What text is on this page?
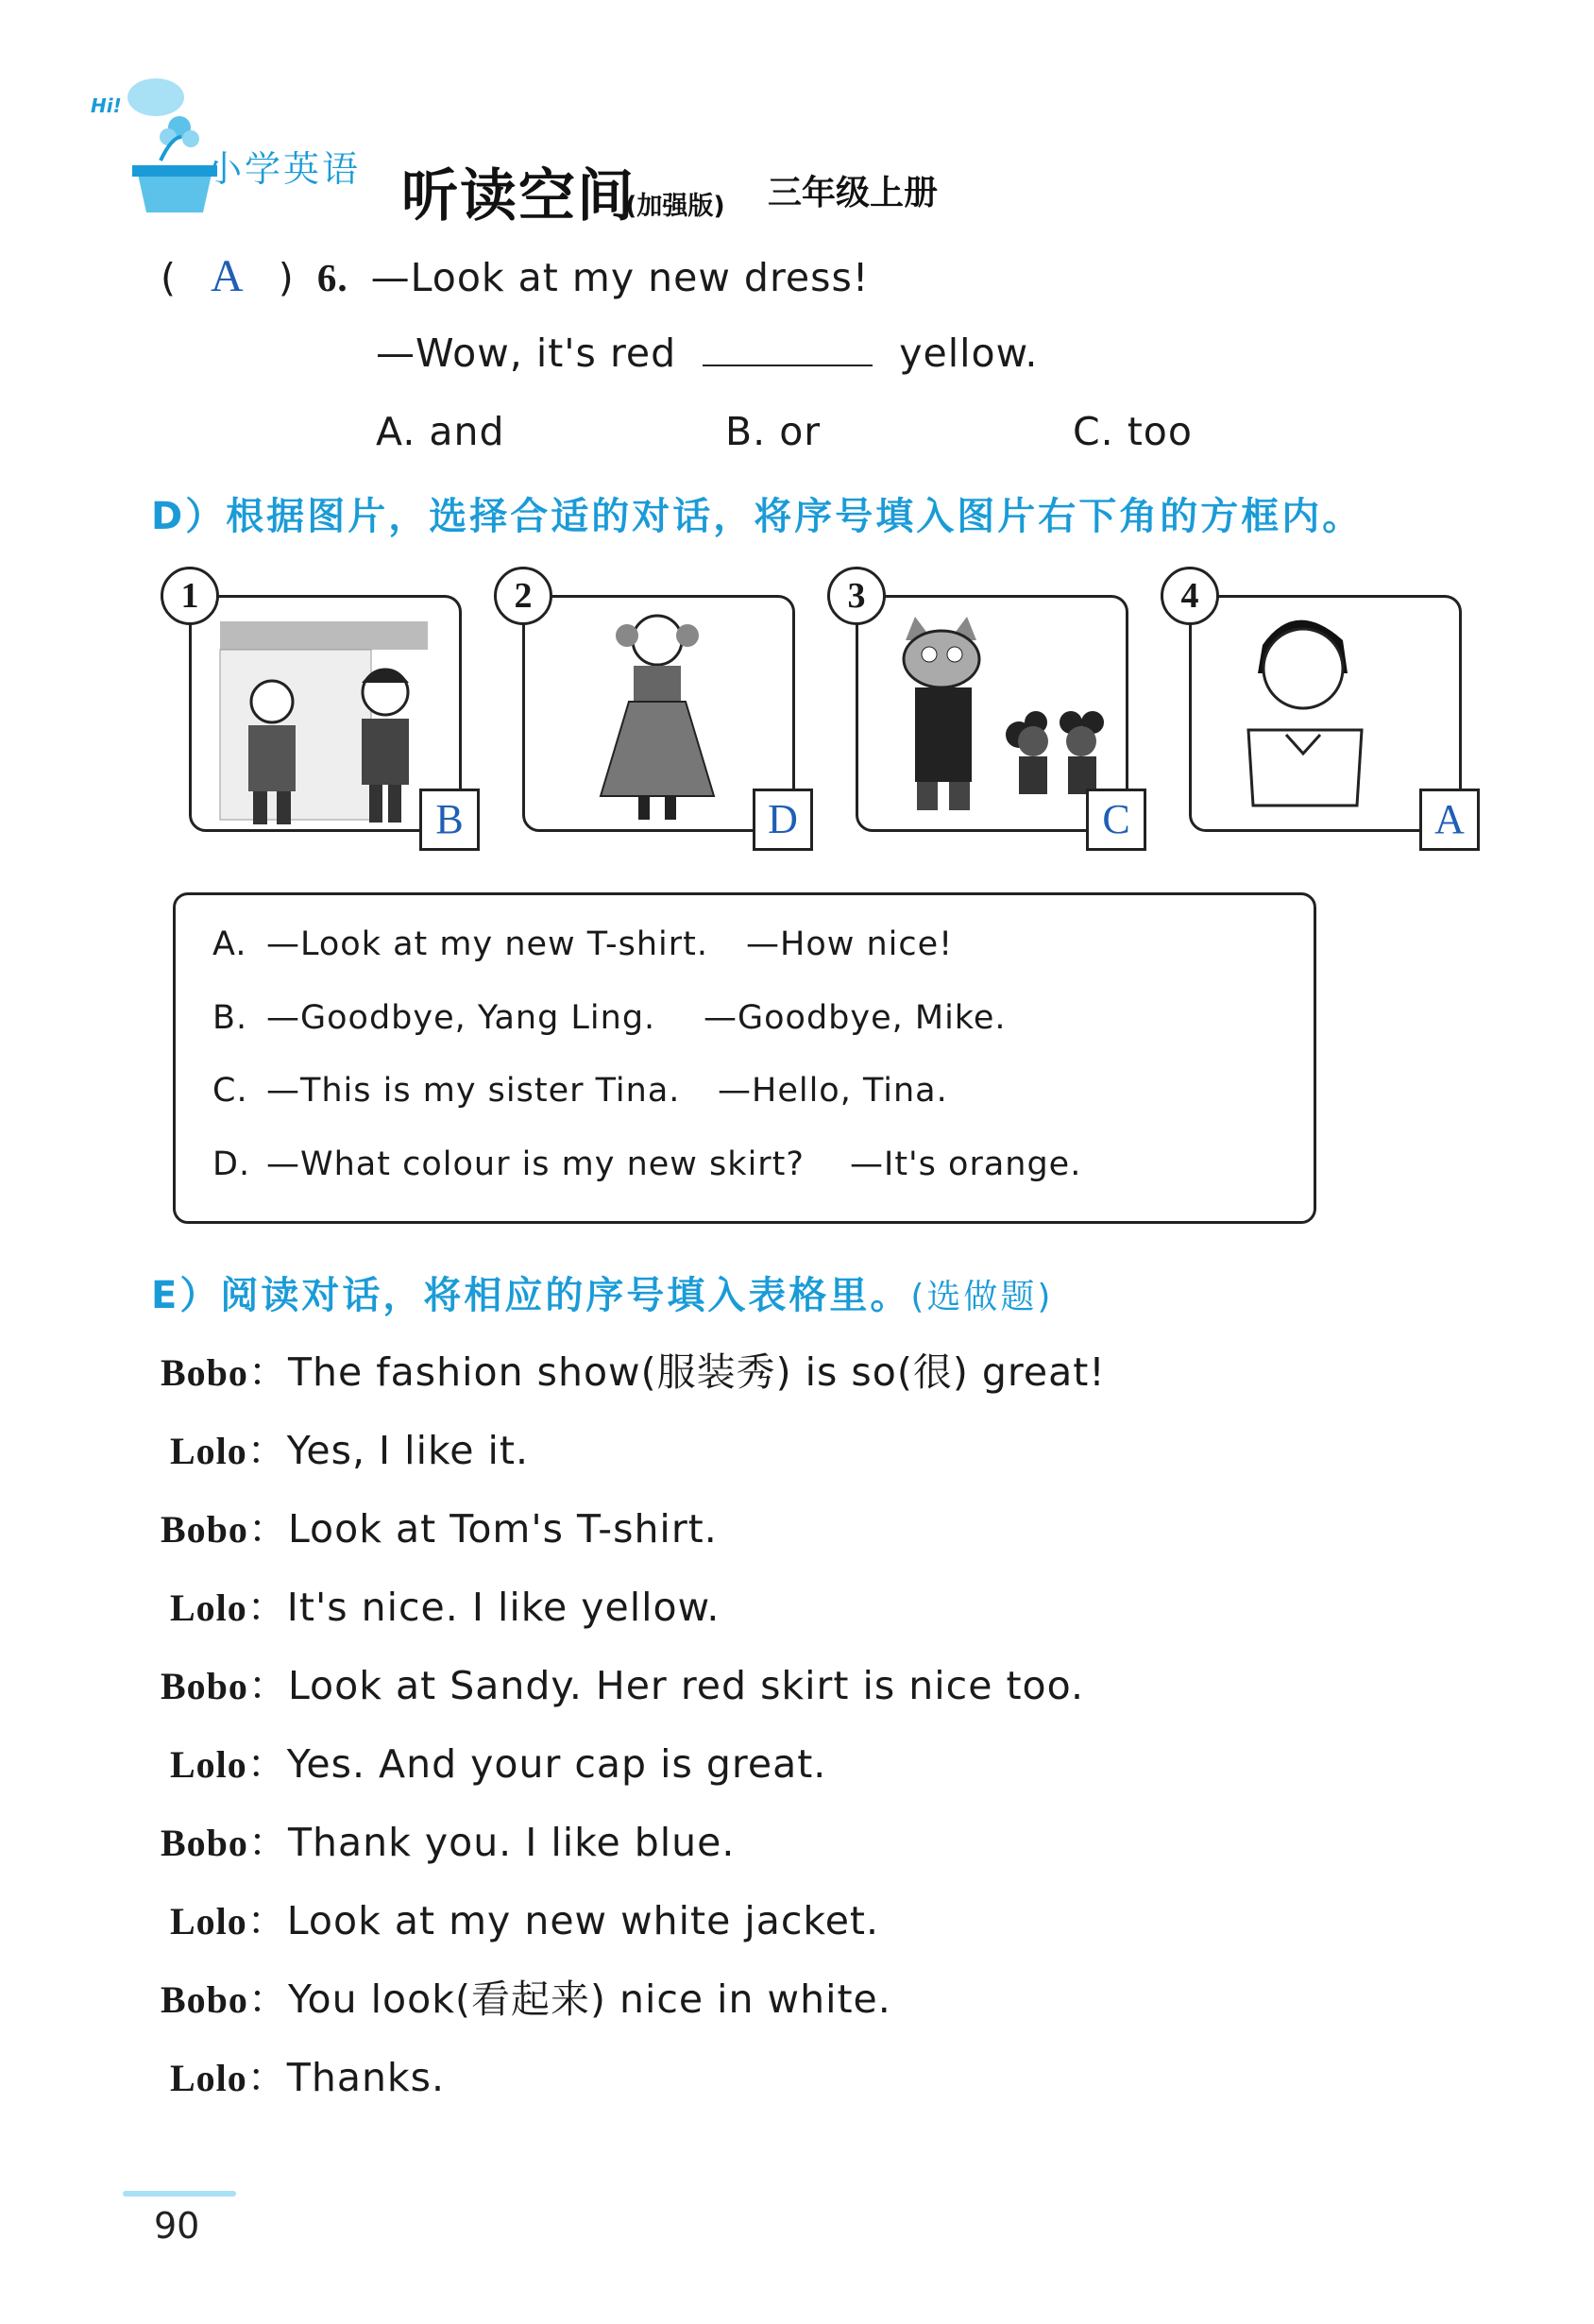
Hi!
小学英语 听读空间
(加强版) 三年级上册
( A ) 6. —Look at my new dress!
—Wow, it's red	yellow.
A. and	B. or	C. too
D）根据图片，选择合适的对话，将序号填入图片右下角的方框内。
1
B
2
D
3
C
4
A
A. —Look at my new T-shirt. —How nice!
B. —Goodbye, Yang Ling. —Goodbye, Mike.
C. —This is my sister Tina. —Hello, Tina.
D. —What colour is my new skirt? —It's orange.
E）阅读对话，将相应的序号填入表格里。(选做题)
Bobo：The fashion show(服装秀) is so(很) great!
Lolo：Yes, I like it.
Bobo：Look at Tom's T-shirt.
Lolo：It's nice. I like yellow.
Bobo：Look at Sandy. Her red skirt is nice too.
Lolo：Yes. And your cap is great.
Bobo：Thank you. I like blue.
Lolo：Look at my new white jacket.
Bobo：You look(看起来) nice in white.
Lolo：Thanks.
90
